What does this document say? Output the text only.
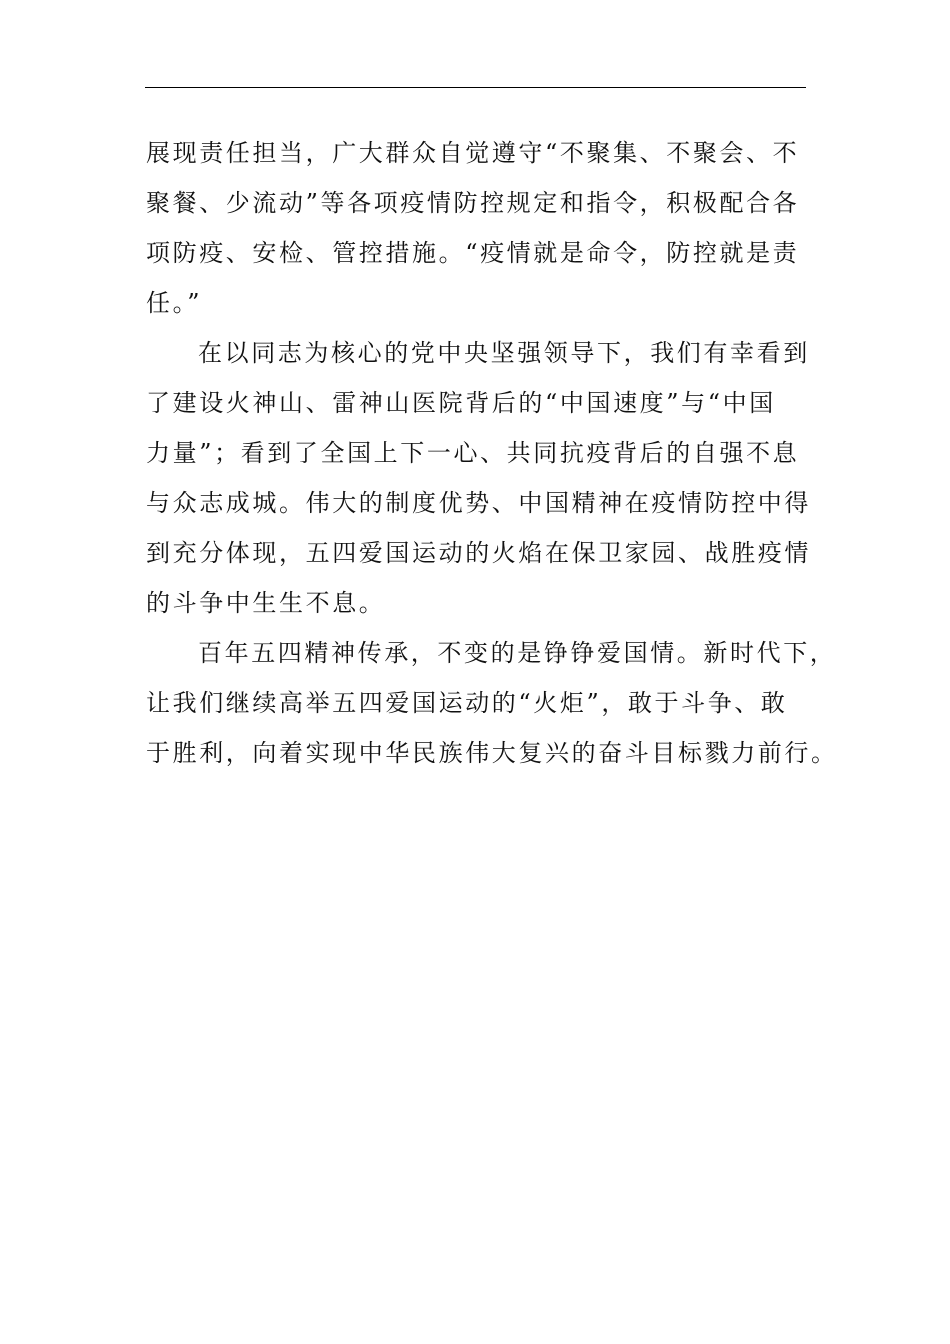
展现责任担当，广大群众自觉遵守“不聚集、不聚会、不
聚餐、少流动”等各项疫情防控规定和指令，积极配合各
项防疫、安检、管控措施。“疫情就是命令，防控就是责
任。”
在以同志为核心的党中央坚强领导下，我们有幸看到
了建设火神山、雷神山医院背后的“中国速度”与“中国
力量”；看到了全国上下一心、共同抗疫背后的自强不息
与众志成城。伟大的制度优势、中国精神在疫情防控中得
到充分体现，五四爱国运动的火焰在保卫家园、战胜疫情
的斗争中生生不息。
百年五四精神传承，不变的是铮铮爱国情。新时代下，
让我们继续高举五四爱国运动的“火炬”，敢于斗争、敢
于胜利，向着实现中华民族伟大复兴的奋斗目标戮力前行。
